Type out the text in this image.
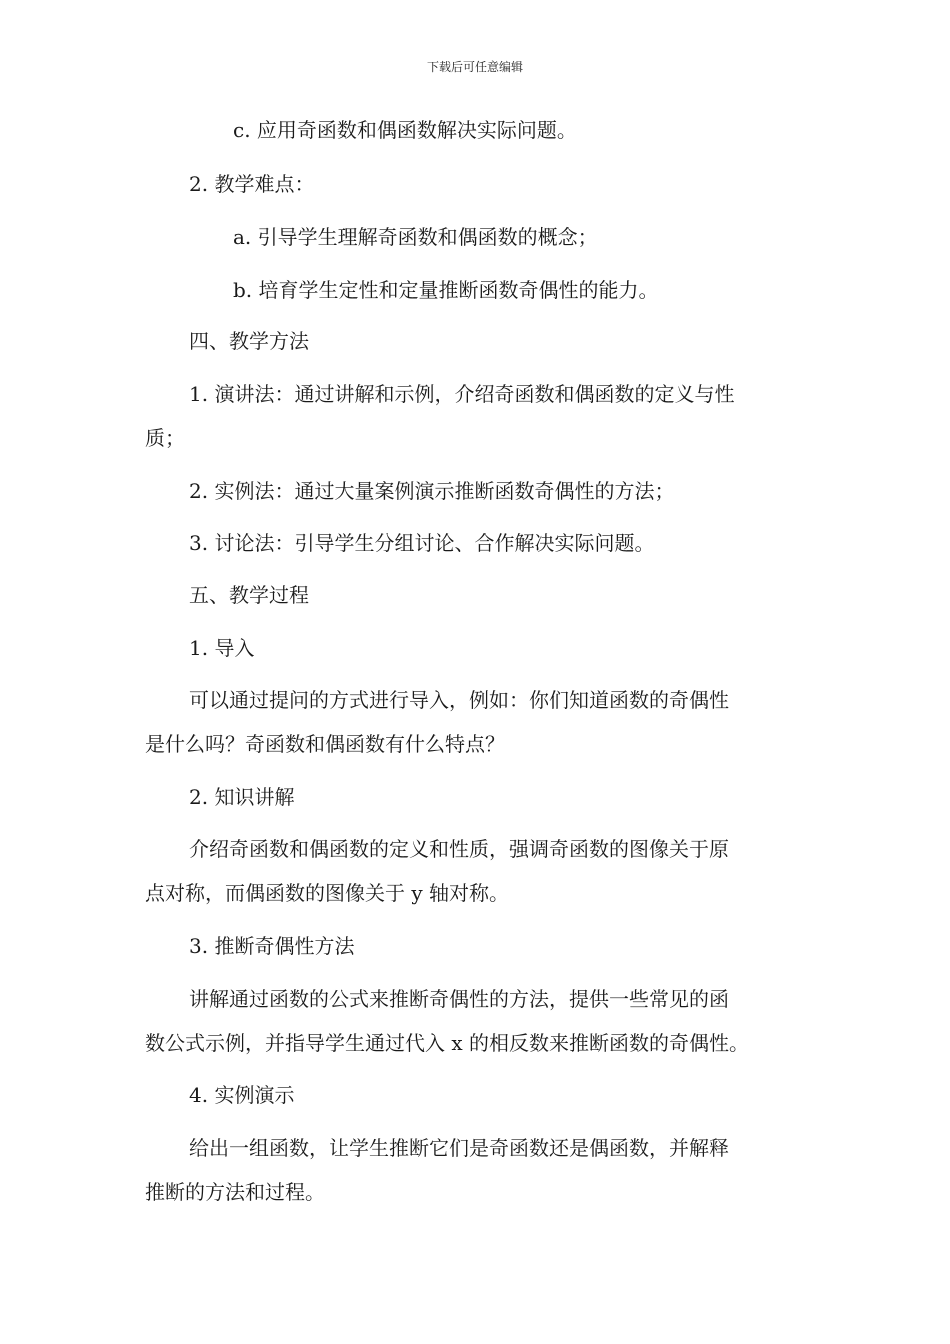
下载后可任意编辑
c. 应用奇函数和偶函数解决实际问题。
2. 教学难点：
a. 引导学生理解奇函数和偶函数的概念；
b. 培育学生定性和定量推断函数奇偶性的能力。
四、教学方法
1. 演讲法：通过讲解和示例，介绍奇函数和偶函数的定义与性
质；
2. 实例法：通过大量案例演示推断函数奇偶性的方法；
3. 讨论法：引导学生分组讨论、合作解决实际问题。
五、教学过程
1. 导入
可以通过提问的方式进行导入，例如：你们知道函数的奇偶性
是什么吗？奇函数和偶函数有什么特点？
2. 知识讲解
介绍奇函数和偶函数的定义和性质，强调奇函数的图像关于原
点对称，而偶函数的图像关于 y 轴对称。
3. 推断奇偶性方法
讲解通过函数的公式来推断奇偶性的方法，提供一些常见的函
数公式示例，并指导学生通过代入 x 的相反数来推断函数的奇偶性。
4. 实例演示
给出一组函数，让学生推断它们是奇函数还是偶函数，并解释
推断的方法和过程。
